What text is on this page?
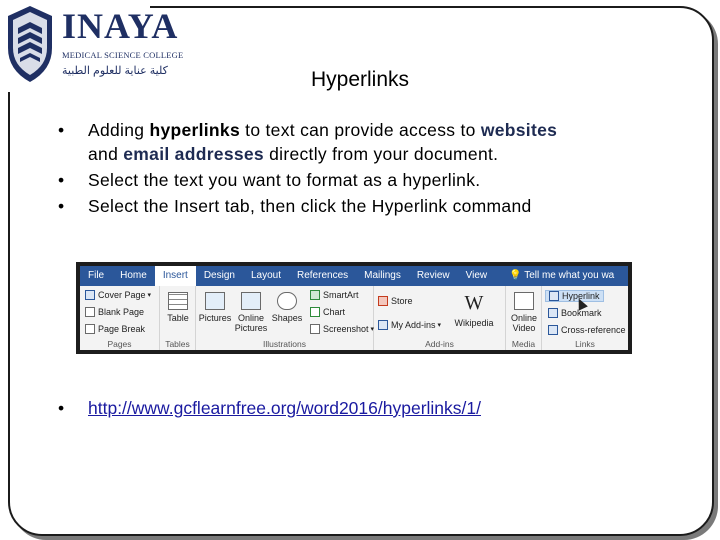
INAYA
MEDICAL SCIENCE COLLEGE
كلية عناية للعلوم الطبية	Hyperlinks
• Adding hyperlinks to text can provide access to websites and email addresses directly from your document.
• Select the text you want to format as a hyperlink.
• Select the Insert tab, then click the Hyperlink command
File	Home	Insert	Design	Layout	References	Mailings	Review	View	💡 Tell me what you wa
Cover Page ▾
Blank Page
Page Break
Pages
Table
Tables
Pictures Online
Pictures
Shapes
SmartArt
Chart
Screenshot ▾
Illustrations
Store
My Add-ins ▾
W
Wikipedia
Add-ins
Online
Video
Media
Hyperlink
Bookmark
Cross-reference
Links
• http://www.gcflearnfree.org/word2016/hyperlinks/1/
